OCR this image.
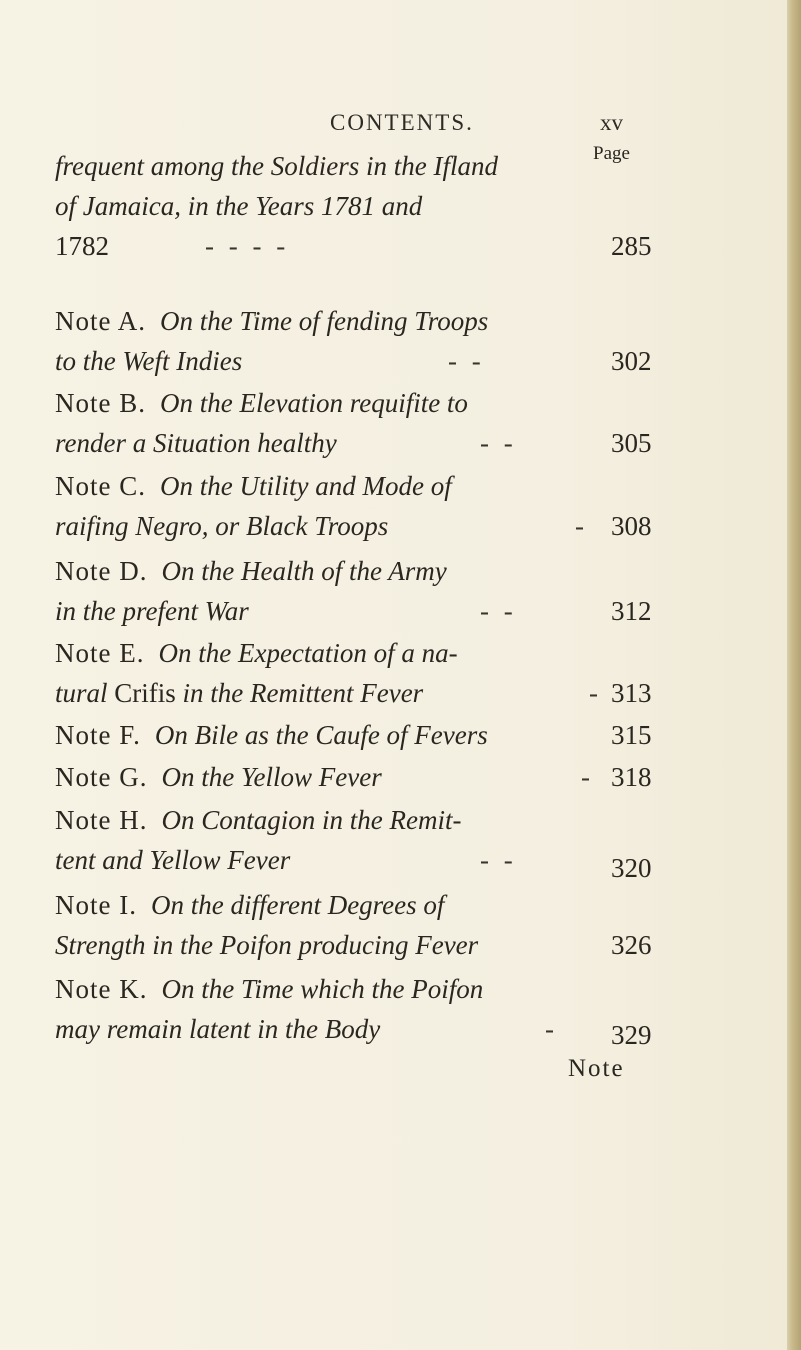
CONTENTS.	xv
Page
frequent among the Soldiers in the Ifland
of Jamaica, in the Years 1781 and
1782	- - - -	285
Note A. On the Time of fending Troops
to the Weft Indies	- -	302
Note B. On the Elevation requifite to
render a Situation healthy	- -	305
Note C. On the Utility and Mode of
raifing Negro, or Black Troops	- 308
Note D. On the Health of the Army
in the prefent War	- -	312
Note E. On the Expectation of a na-
tural Crifis in the Remittent Fever	- 313
Note F. On Bile as the Caufe of Fevers	315
Note G. On the Yellow Fever	- 318
Note H. On Contagion in the Remit-
tent and Yellow Fever	- -	320
Note I. On the different Degrees of
Strength in the Poifon producing Fever	326
Note K. On the Time which the Poifon
may remain latent in the Body	- 329
Note
